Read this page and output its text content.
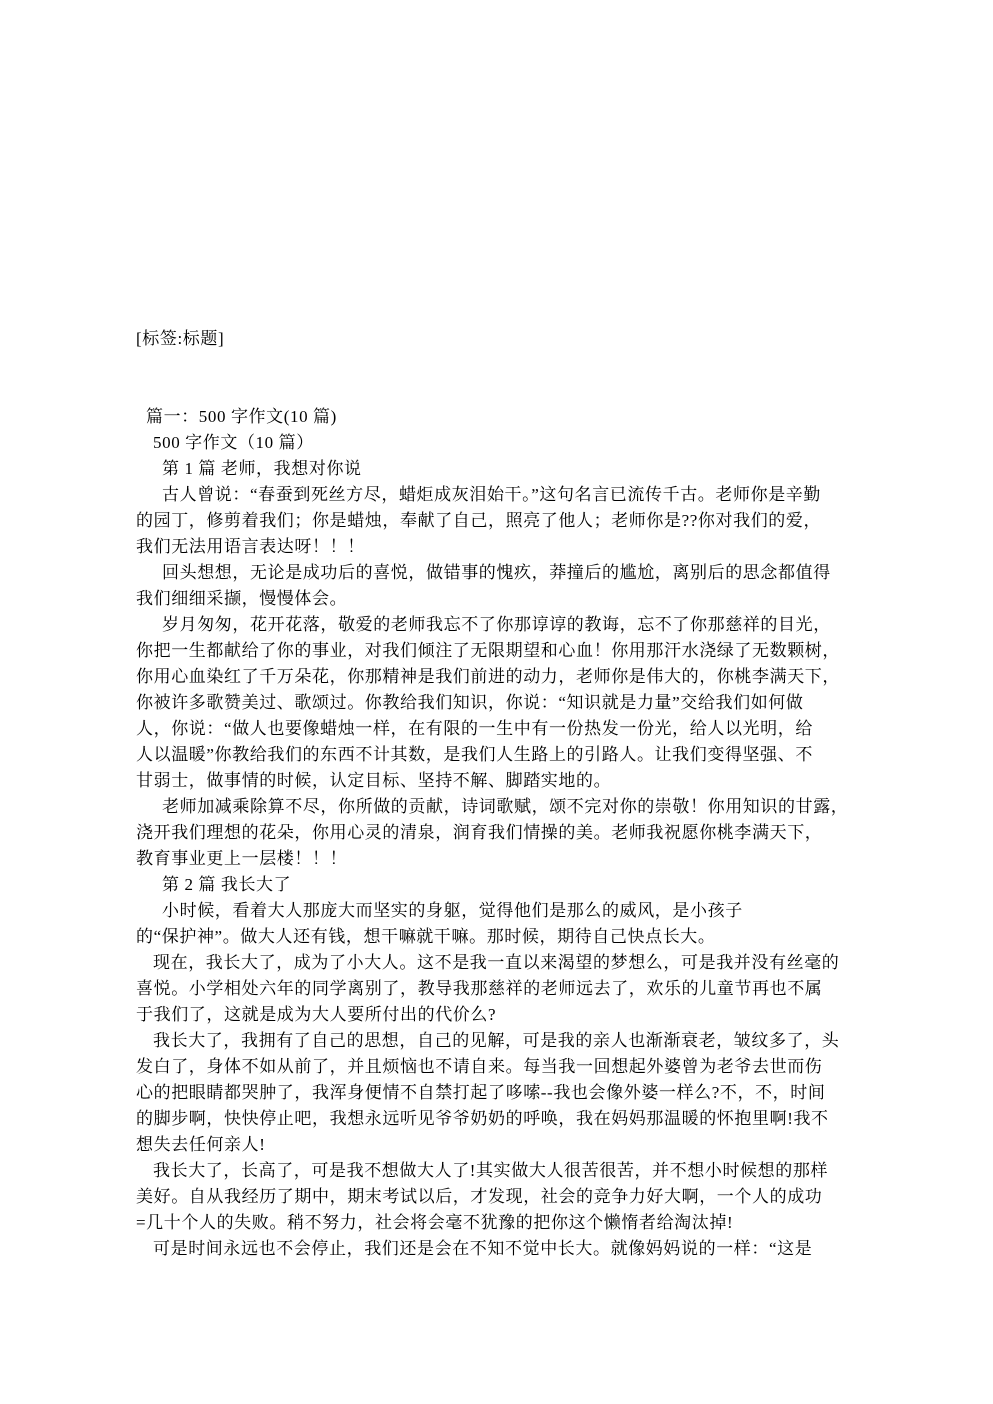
[标签:标题]
篇一：500 字作文(10 篇)
500 字作文（10 篇）
第 1 篇 老师，我想对你说
古人曾说：“春蚕到死丝方尽，蜡炬成灰泪始干。”这句名言已流传千古。老师你是辛勤
的园丁，修剪着我们；你是蜡烛，奉献了自己，照亮了他人；老师你是??你对我们的爱，
我们无法用语言表达呀！！！
回头想想，无论是成功后的喜悦，做错事的愧疚，莽撞后的尴尬，离别后的思念都值得
我们细细采撷，慢慢体会。
岁月匆匆，花开花落，敬爱的老师我忘不了你那谆谆的教诲，忘不了你那慈祥的目光，
你把一生都献给了你的事业，对我们倾注了无限期望和心血！你用那汗水浇绿了无数颗树，
你用心血染红了千万朵花，你那精神是我们前进的动力，老师你是伟大的，你桃李满天下，
你被许多歌赞美过、歌颂过。你教给我们知识，你说：“知识就是力量”交给我们如何做
人，你说：“做人也要像蜡烛一样，在有限的一生中有一份热发一份光，给人以光明，给
人以温暖”你教给我们的东西不计其数，是我们人生路上的引路人。让我们变得坚强、不
甘弱士，做事情的时候，认定目标、坚持不解、脚踏实地的。
老师加减乘除算不尽，你所做的贡献，诗词歌赋，颂不完对你的崇敬！你用知识的甘露，
浇开我们理想的花朵，你用心灵的清泉，润育我们情操的美。老师我祝愿你桃李满天下，
教育事业更上一层楼！！！
第 2 篇 我长大了
小时候，看着大人那庞大而坚实的身躯，觉得他们是那么的威风，是小孩子
的“保护神”。做大人还有钱，想干嘛就干嘛。那时候，期待自己快点长大。
现在，我长大了，成为了小大人。这不是我一直以来渴望的梦想么，可是我并没有丝毫的
喜悦。小学相处六年的同学离别了，教导我那慈祥的老师远去了，欢乐的儿童节再也不属
于我们了，这就是成为大人要所付出的代价么?
我长大了，我拥有了自己的思想，自己的见解，可是我的亲人也渐渐衰老，皱纹多了，头
发白了，身体不如从前了，并且烦恼也不请自来。每当我一回想起外婆曾为老爷去世而伤
心的把眼睛都哭肿了，我浑身便情不自禁打起了哆嗦--我也会像外婆一样么?不，不，时间
的脚步啊，快快停止吧，我想永远听见爷爷奶奶的呼唤，我在妈妈那温暖的怀抱里啊!我不
想失去任何亲人!
我长大了，长高了，可是我不想做大人了!其实做大人很苦很苦，并不想小时候想的那样
美好。自从我经历了期中，期末考试以后，才发现，社会的竞争力好大啊，一个人的成功
=几十个人的失败。稍不努力，社会将会毫不犹豫的把你这个懒惰者给淘汰掉!
可是时间永远也不会停止，我们还是会在不知不觉中长大。就像妈妈说的一样：“这是
